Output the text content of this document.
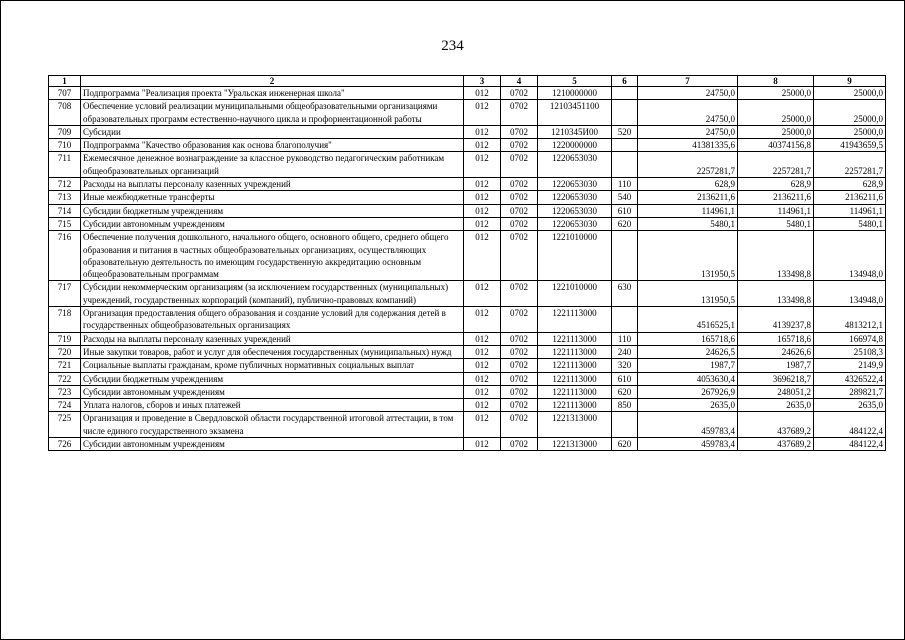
234
1	2	3	4	5	6	7	8	9
707	Подпрограмма "Реализация проекта "Уральская инженерная школа"	012	0702	1210000000		24750,0	25000,0	25000,0
708	Обеспечение условий реализации муниципальными общеобразовательными организациями образовательных программ естественно-научного цикла и профориентационной работы	012	0702	12103451100		24750,0	25000,0	25000,0
709	Субсидии	012	0702	1210345И00	520	24750,0	25000,0	25000,0
710	Подпрограмма "Качество образования как основа благополучия"	012	0702	1220000000		41381335,6	40374156,8	41943659,5
711	Ежемесячное денежное вознаграждение за классное руководство педагогическим работникам общеобразовательных организаций	012	0702	1220653030		2257281,7	2257281,7	2257281,7
712	Расходы на выплаты персоналу казенных учреждений	012	0702	1220653030	110	628,9	628,9	628,9
713	Иные межбюджетные трансферты	012	0702	1220653030	540	2136211,6	2136211,6	2136211,6
714	Субсидии бюджетным учреждениям	012	0702	1220653030	610	114961,1	114961,1	114961,1
715	Субсидии автономным учреждениям	012	0702	1220653030	620	5480,1	5480,1	5480,1
716	Обеспечение получения дошкольного, начального общего, основного общего, среднего общего образования и питания в частных общеобразовательных организациях, осуществляющих образовательную деятельность по имеющим государственную аккредитацию основным общеобразовательным программам	012	0702	1221010000		131950,5	133498,8	134948,0
717	Субсидии некоммерческим организациям (за исключением государственных (муниципальных) учреждений, государственных корпораций (компаний), публично-правовых компаний)	012	0702	1221010000	630	131950,5	133498,8	134948,0
718	Организация предоставления общего образования и создание условий для содержания детей в государственных общеобразовательных организациях	012	0702	1221113000		4516525,1	4139237,8	4813212,1
719	Расходы на выплаты персоналу казенных учреждений	012	0702	1221113000	110	165718,6	165718,6	166974,8
720	Иные закупки товаров, работ и услуг для обеспечения государственных (муниципальных) нужд	012	0702	1221113000	240	24626,5	24626,6	25108,3
721	Социальные выплаты гражданам, кроме публичных нормативных социальных выплат	012	0702	1221113000	320	1987,7	1987,7	2149,9
722	Субсидии бюджетным учреждениям	012	0702	1221113000	610	4053630,4	3696218,7	4326522,4
723	Субсидии автономным учреждениям	012	0702	1221113000	620	267926,9	248051,2	289821,7
724	Уплата налогов, сборов и иных платежей	012	0702	1221113000	850	2635,0	2635,0	2635,0
725	Организация и проведение в Свердловской области государственной итоговой аттестации, в том числе единого государственного экзамена	012	0702	1221313000		459783,4	437689,2	484122,4
726	Субсидии автономным учреждениям	012	0702	1221313000	620	459783,4	437689,2	484122,4
